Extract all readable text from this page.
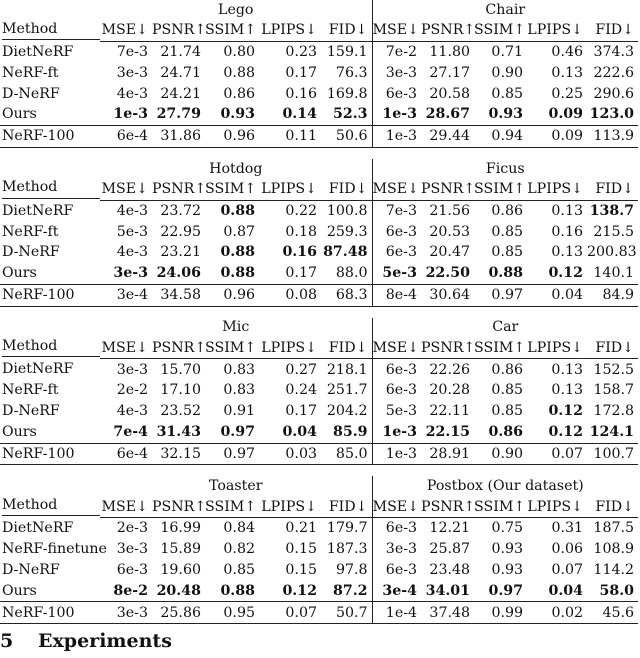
	Lego					Chair				
Method	MSE↓	PSNR↑	SSIM↑	LPIPS↓	FID↓	MSE↓	PSNR↑	SSIM↑	LPIPS↓	FID↓
DietNeRF	7e-3	21.74	0.80	0.23	159.1	7e-2	11.80	0.71	0.46	374.3
NeRF-ft	3e-3	24.71	0.88	0.17	76.3	3e-3	27.17	0.90	0.13	222.6
D-NeRF	4e-3	24.21	0.86	0.16	169.8	6e-3	20.58	0.85	0.25	290.6
Ours	1e-3	27.79	0.93	0.14	52.3	1e-3	28.67	0.93	0.09	123.0
NeRF-100	6e-4	31.86	0.96	0.11	50.6	1e-3	29.44	0.94	0.09	113.9
	Hotdog					Ficus				
Method	MSE↓	PSNR↑	SSIM↑	LPIPS↓	FID↓	MSE↓	PSNR↑	SSIM↑	LPIPS↓	FID↓
DietNeRF	4e-3	23.72	0.88	0.22	100.8	7e-3	21.56	0.86	0.13	138.7
NeRF-ft	5e-3	22.95	0.87	0.18	259.3	6e-3	20.53	0.85	0.16	215.5
D-NeRF	4e-3	23.21	0.88	0.16	87.48	6e-3	20.47	0.85	0.13	200.83
Ours	3e-3	24.06	0.88	0.17	88.0	5e-3	22.50	0.88	0.12	140.1
NeRF-100	3e-4	34.58	0.96	0.08	68.3	8e-4	30.64	0.97	0.04	84.9
	Mic					Car				
Method	MSE↓	PSNR↑	SSIM↑	LPIPS↓	FID↓	MSE↓	PSNR↑	SSIM↑	LPIPS↓	FID↓
DietNeRF	3e-3	15.70	0.83	0.27	218.1	6e-3	22.26	0.86	0.13	152.5
NeRF-ft	2e-2	17.10	0.83	0.24	251.7	6e-3	20.28	0.85	0.13	158.7
D-NeRF	4e-3	23.52	0.91	0.17	204.2	5e-3	22.11	0.85	0.12	172.8
Ours	7e-4	31.43	0.97	0.04	85.9	1e-3	22.15	0.86	0.12	124.1
NeRF-100	6e-4	32.15	0.97	0.03	85.0	1e-3	28.91	0.90	0.07	100.7
	Toaster					Postbox (Our dataset)				
Method	MSE↓	PSNR↑	SSIM↑	LPIPS↓	FID↓	MSE↓	PSNR↑	SSIM↑	LPIPS↓	FID↓
DietNeRF	2e-3	16.99	0.84	0.21	179.7	6e-3	12.21	0.75	0.31	187.5
NeRF-finetune	3e-3	15.89	0.82	0.15	187.3	3e-3	25.87	0.93	0.06	108.9
D-NeRF	6e-3	19.60	0.85	0.15	97.8	6e-3	23.48	0.93	0.07	114.2
Ours	8e-2	20.48	0.88	0.12	87.2	3e-4	34.01	0.97	0.04	58.0
NeRF-100	3e-3	25.86	0.95	0.07	50.7	1e-4	37.48	0.99	0.02	45.6
5 Experiments
